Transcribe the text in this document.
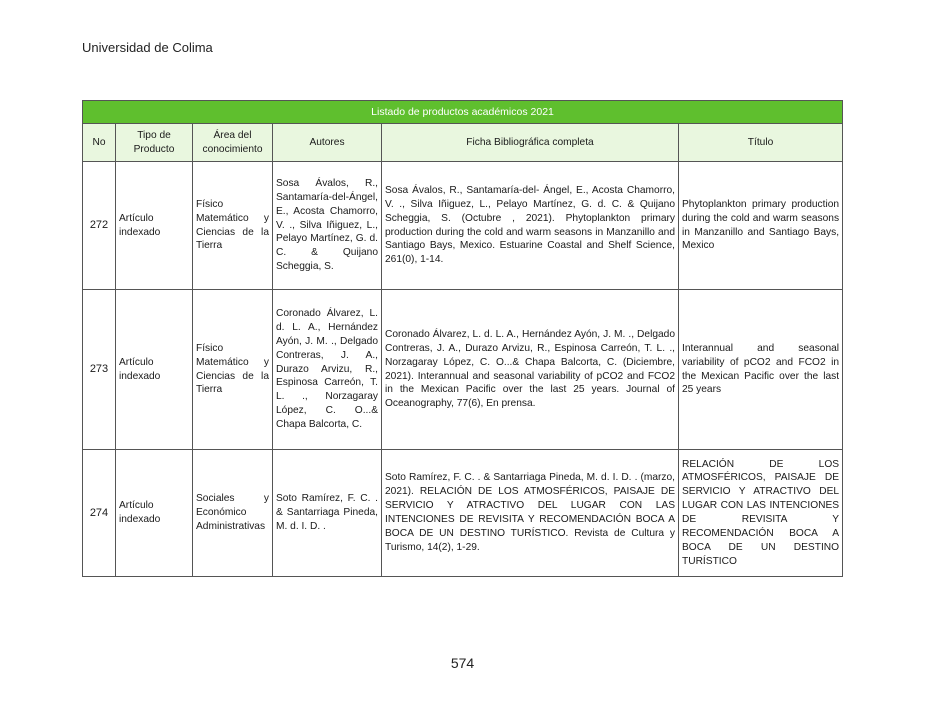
Universidad de Colima
Listado de productos académicos 2021					
No	Tipo de Producto	Área del conocimiento	Autores	Ficha Bibliográfica completa	Título
272	Artículo indexado	Físico Matemático y Ciencias de la Tierra	Sosa Ávalos, R., Santamaría-del-Ángel, E., Acosta Chamorro, V. ., Silva Iñiguez, L., Pelayo Martínez, G. d. C. & Quijano Scheggia, S.	Sosa Ávalos, R., Santamaría-del- Ángel, E., Acosta Chamorro, V. ., Silva Iñiguez, L., Pelayo Martínez, G. d. C. & Quijano Scheggia, S. (Octubre , 2021). Phytoplankton primary production during the cold and warm seasons in Manzanillo and Santiago Bays, Mexico. Estuarine Coastal and Shelf Science, 261(0), 1-14.	Phytoplankton primary production during the cold and warm seasons in Manzanillo and Santiago Bays, Mexico
273	Artículo indexado	Físico Matemático y Ciencias de la Tierra	Coronado Álvarez, L. d. L. A., Hernández Ayón, J. M. ., Delgado Contreras, J. A., Durazo Arvizu, R., Espinosa Carreón, T. L. ., Norzagaray López, C. O...& Chapa Balcorta, C.	Coronado Álvarez, L. d. L. A., Hernández Ayón, J. M. ., Delgado Contreras, J. A., Durazo Arvizu, R., Espinosa Carreón, T. L. ., Norzagaray López, C. O...& Chapa Balcorta, C. (Diciembre, 2021). Interannual and seasonal variability of pCO2 and FCO2 in the Mexican Pacific over the last 25 years. Journal of Oceanography, 77(6), En prensa.	Interannual and seasonal variability of pCO2 and FCO2 in the Mexican Pacific over the last 25 years
274	Artículo indexado	Sociales y Económico Administrativas	Soto Ramírez, F. C. . & Santarriaga Pineda, M. d. I. D. .	Soto Ramírez, F. C. . & Santarriaga Pineda, M. d. I. D. . (marzo, 2021). RELACIÓN DE LOS ATMOSFÉRICOS, PAISAJE DE SERVICIO Y ATRACTIVO DEL LUGAR CON LAS INTENCIONES DE REVISITA Y RECOMENDACIÓN BOCA A BOCA DE UN DESTINO TURÍSTICO. Revista de Cultura y Turismo, 14(2), 1-29.	RELACIÓN DE LOS ATMOSFÉRICOS, PAISAJE DE SERVICIO Y ATRACTIVO DEL LUGAR CON LAS INTENCIONES DE REVISITA Y RECOMENDACIÓN BOCA A BOCA DE UN DESTINO TURÍSTICO
574
